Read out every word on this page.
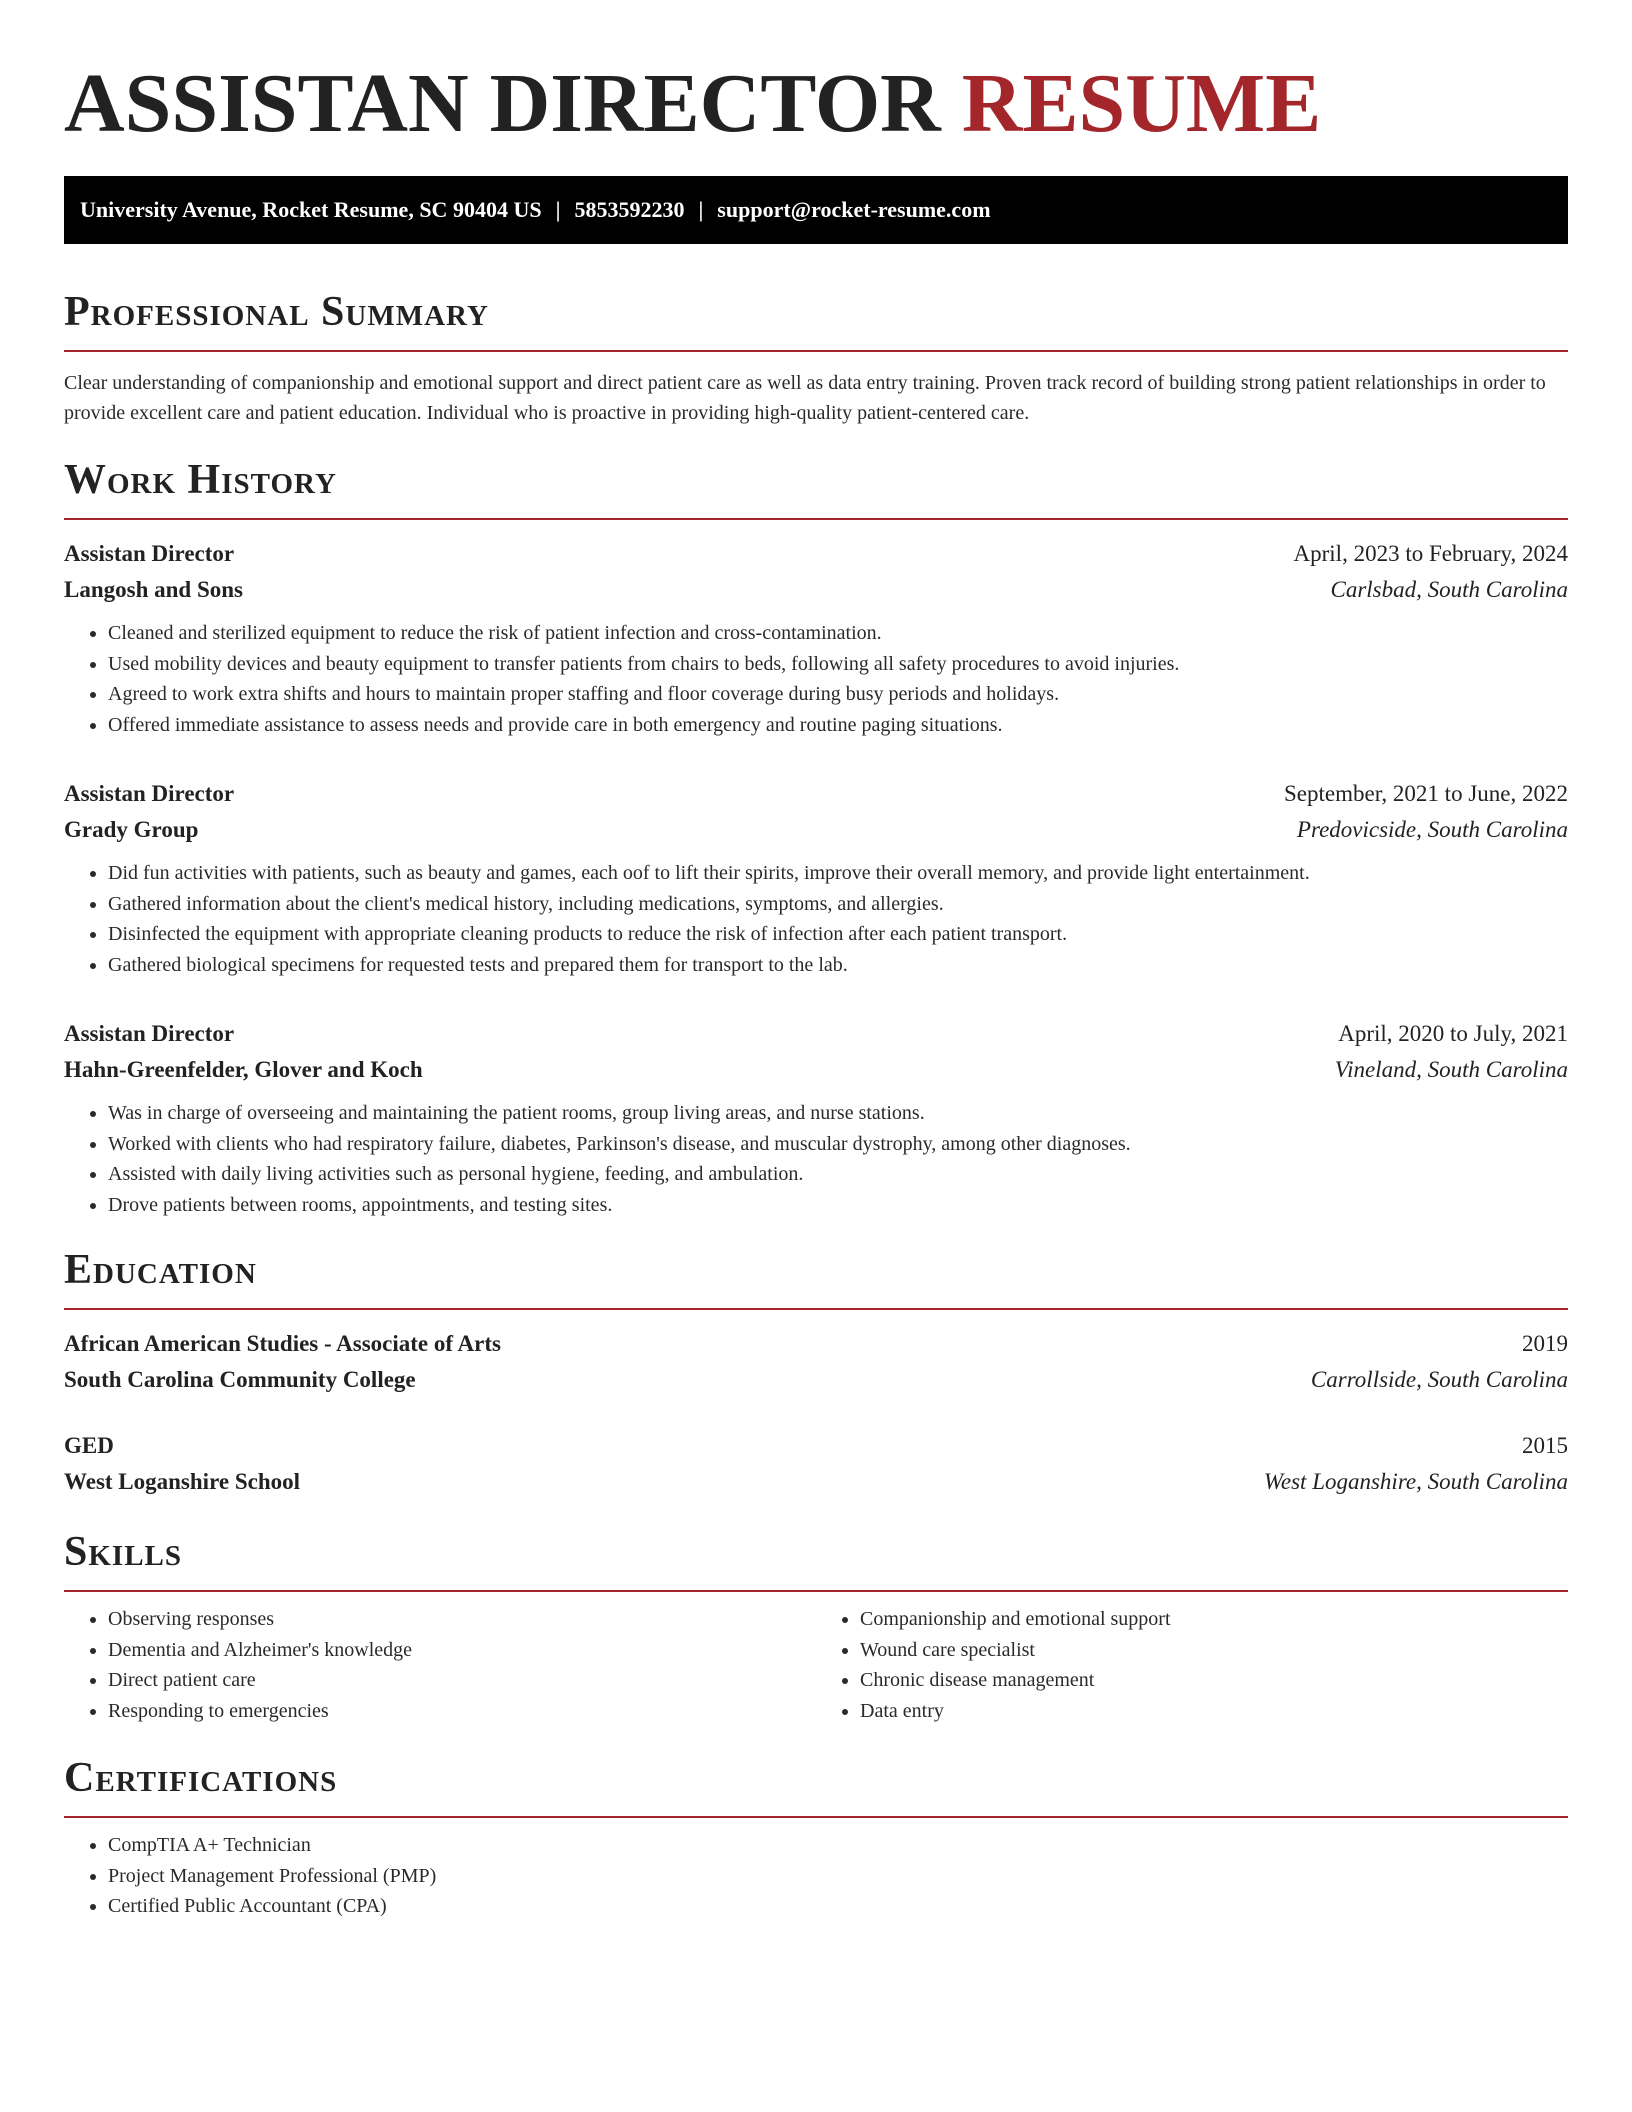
ASSISTAN DIRECTOR RESUME
University Avenue, Rocket Resume, SC 90404 US | 5853592230 | support@rocket-resume.com
Professional Summary
Clear understanding of companionship and emotional support and direct patient care as well as data entry training. Proven track record of building strong patient relationships in order to provide excellent care and patient education. Individual who is proactive in providing high-quality patient-centered care.
Work History
Assistan Director	April, 2023 to February, 2024
Langosh and Sons	Carlsbad, South Carolina
• Cleaned and sterilized equipment to reduce the risk of patient infection and cross-contamination.
• Used mobility devices and beauty equipment to transfer patients from chairs to beds, following all safety procedures to avoid injuries.
• Agreed to work extra shifts and hours to maintain proper staffing and floor coverage during busy periods and holidays.
• Offered immediate assistance to assess needs and provide care in both emergency and routine paging situations.
Assistan Director	September, 2021 to June, 2022
Grady Group	Predovicside, South Carolina
• Did fun activities with patients, such as beauty and games, each oof to lift their spirits, improve their overall memory, and provide light entertainment.
• Gathered information about the client's medical history, including medications, symptoms, and allergies.
• Disinfected the equipment with appropriate cleaning products to reduce the risk of infection after each patient transport.
• Gathered biological specimens for requested tests and prepared them for transport to the lab.
Assistan Director	April, 2020 to July, 2021
Hahn-Greenfelder, Glover and Koch	Vineland, South Carolina
• Was in charge of overseeing and maintaining the patient rooms, group living areas, and nurse stations.
• Worked with clients who had respiratory failure, diabetes, Parkinson's disease, and muscular dystrophy, among other diagnoses.
• Assisted with daily living activities such as personal hygiene, feeding, and ambulation.
• Drove patients between rooms, appointments, and testing sites.
Education
African American Studies - Associate of Arts	2019
South Carolina Community College	Carrollside, South Carolina
GED	2015
West Loganshire School	West Loganshire, South Carolina
Skills
• Observing responses
• Dementia and Alzheimer's knowledge
• Direct patient care
• Responding to emergencies
• Companionship and emotional support
• Wound care specialist
• Chronic disease management
• Data entry
Certifications
• CompTIA A+ Technician
• Project Management Professional (PMP)
• Certified Public Accountant (CPA)
